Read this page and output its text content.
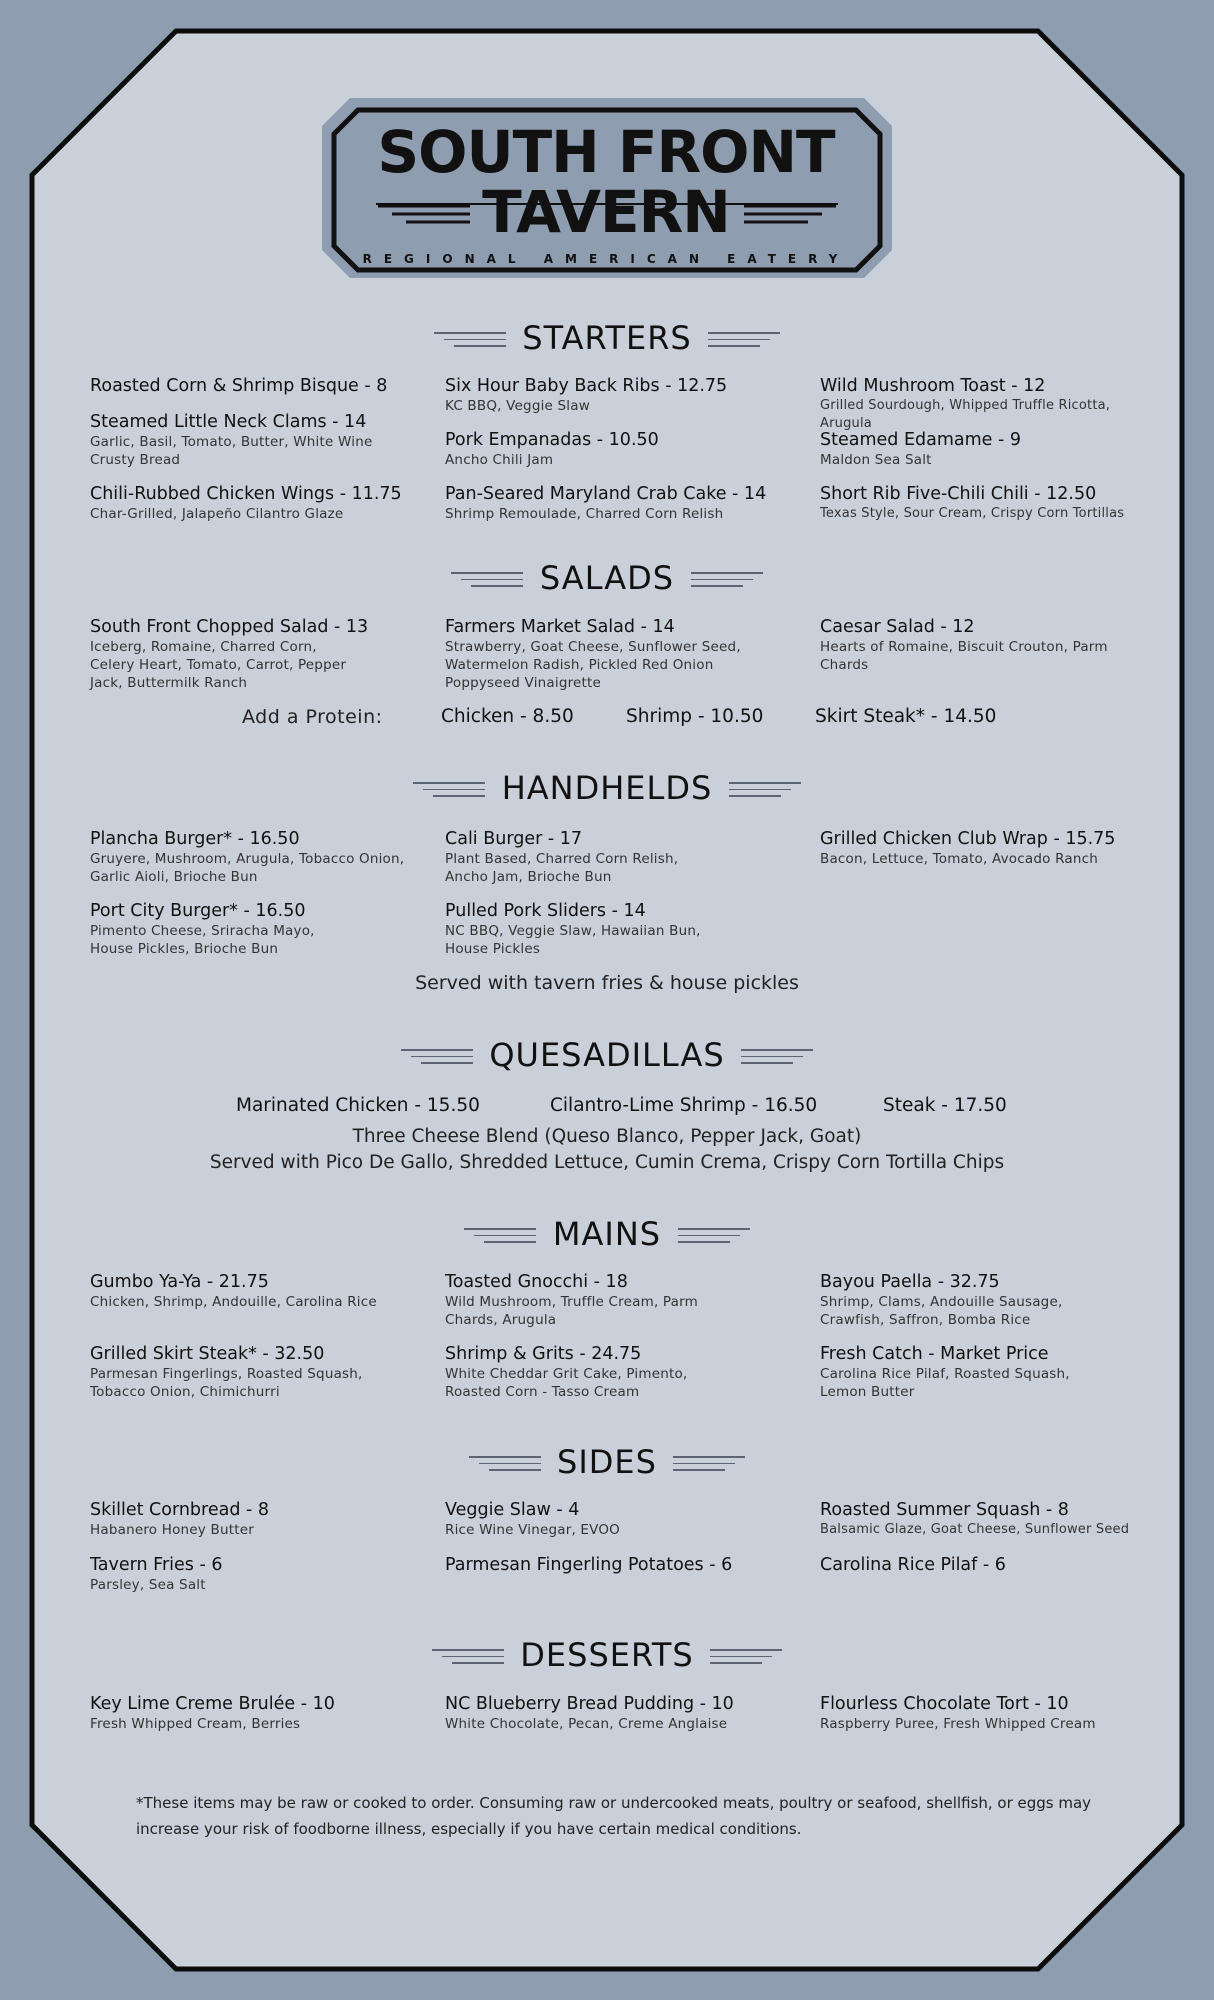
SOUTH FRONT
TAVERN
REGIONAL AMERICAN EATERY
STARTERS
Roasted Corn & Shrimp Bisque - 8
Steamed Little Neck Clams - 14
Garlic, Basil, Tomato, Butter, White Wine Crusty Bread
Chili-Rubbed Chicken Wings - 11.75
Char-Grilled, Jalapeño Cilantro Glaze
Six Hour Baby Back Ribs - 12.75
KC BBQ, Veggie Slaw
Pork Empanadas - 10.50
Ancho Chili Jam
Pan-Seared Maryland Crab Cake - 14
Shrimp Remoulade, Charred Corn Relish
Wild Mushroom Toast - 12
Grilled Sourdough, Whipped Truffle Ricotta, Arugula
Steamed Edamame - 9
Maldon Sea Salt
Short Rib Five-Chili Chili - 12.50
Texas Style, Sour Cream, Crispy Corn Tortillas
SALADS
South Front Chopped Salad - 13
Iceberg, Romaine, Charred Corn, Celery Heart, Tomato, Carrot, Pepper Jack, Buttermilk Ranch
Farmers Market Salad - 14
Strawberry, Goat Cheese, Sunflower Seed, Watermelon Radish, Pickled Red Onion Poppyseed Vinaigrette
Caesar Salad - 12
Hearts of Romaine, Biscuit Crouton, Parm Chards
Add a Protein:	Chicken - 8.50	Shrimp - 10.50	Skirt Steak* - 14.50
HANDHELDS
Plancha Burger* - 16.50
Gruyere, Mushroom, Arugula, Tobacco Onion, Garlic Aioli, Brioche Bun
Port City Burger* - 16.50
Pimento Cheese, Sriracha Mayo, House Pickles, Brioche Bun
Cali Burger - 17
Plant Based, Charred Corn Relish, Ancho Jam, Brioche Bun
Pulled Pork Sliders - 14
NC BBQ, Veggie Slaw, Hawaiian Bun, House Pickles
Grilled Chicken Club Wrap - 15.75
Bacon, Lettuce, Tomato, Avocado Ranch
Served with tavern fries & house pickles
QUESADILLAS
Marinated Chicken - 15.50	Cilantro-Lime Shrimp - 16.50	Steak - 17.50
Three Cheese Blend (Queso Blanco, Pepper Jack, Goat)
Served with Pico De Gallo, Shredded Lettuce, Cumin Crema, Crispy Corn Tortilla Chips
MAINS
Gumbo Ya-Ya - 21.75
Chicken, Shrimp, Andouille, Carolina Rice
Grilled Skirt Steak* - 32.50
Parmesan Fingerlings, Roasted Squash, Tobacco Onion, Chimichurri
Toasted Gnocchi - 18
Wild Mushroom, Truffle Cream, Parm Chards, Arugula
Shrimp & Grits - 24.75
White Cheddar Grit Cake, Pimento, Roasted Corn - Tasso Cream
Bayou Paella - 32.75
Shrimp, Clams, Andouille Sausage, Crawfish, Saffron, Bomba Rice
Fresh Catch - Market Price
Carolina Rice Pilaf, Roasted Squash, Lemon Butter
SIDES
Skillet Cornbread - 8
Habanero Honey Butter
Tavern Fries - 6
Parsley, Sea Salt
Veggie Slaw - 4
Rice Wine Vinegar, EVOO
Parmesan Fingerling Potatoes - 6
Roasted Summer Squash - 8
Balsamic Glaze, Goat Cheese, Sunflower Seed
Carolina Rice Pilaf - 6
DESSERTS
Key Lime Creme Brulée - 10
Fresh Whipped Cream, Berries
NC Blueberry Bread Pudding - 10
White Chocolate, Pecan, Creme Anglaise
Flourless Chocolate Tort - 10
Raspberry Puree, Fresh Whipped Cream
*These items may be raw or cooked to order. Consuming raw or undercooked meats, poultry or seafood, shellfish, or eggs may increase your risk of foodborne illness, especially if you have certain medical conditions.
